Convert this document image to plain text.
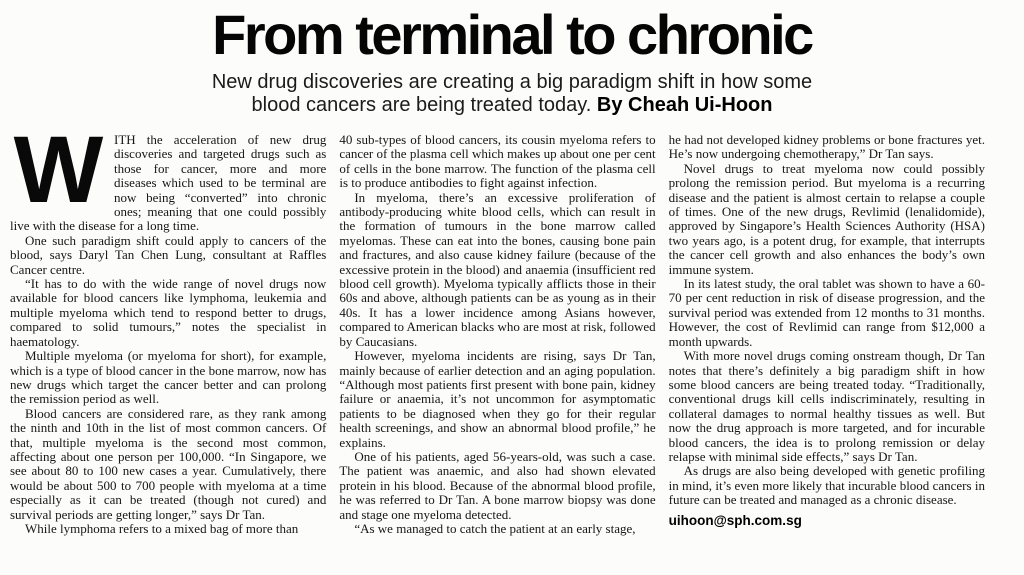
From terminal to chronic

New drug discoveries are creating a big paradigm shift in how some blood cancers are being treated today. By Cheah Ui-Hoon

W ITH the acceleration of new drug discoveries and targeted drugs such as those for cancer, more and more diseases which used to be terminal are now being “converted” into chronic ones; meaning that one could possibly live with the disease for a long time.

One such paradigm shift could apply to cancers of the blood, says Daryl Tan Chen Lung, consultant at Raffles Cancer centre.

“It has to do with the wide range of novel drugs now available for blood cancers like lymphoma, leukemia and multiple myeloma which tend to respond better to drugs, compared to solid tumours,” notes the specialist in haematology.

Multiple myeloma (or myeloma for short), for example, which is a type of blood cancer in the bone marrow, now has new drugs which target the cancer better and can prolong the remission period as well.

Blood cancers are considered rare, as they rank among the ninth and 10th in the list of most common cancers. Of that, multiple myeloma is the second most common, affecting about one person per 100,000. “In Singapore, we see about 80 to 100 new cases a year. Cumulatively, there would be about 500 to 700 people with myeloma at a time especially as it can be treated (though not cured) and survival periods are getting longer,” says Dr Tan.

While lymphoma refers to a mixed bag of more than

40 sub-types of blood cancers, its cousin myeloma refers to cancer of the plasma cell which makes up about one per cent of cells in the bone marrow. The function of the plasma cell is to produce antibodies to fight against infection.

In myeloma, there’s an excessive proliferation of antibody-producing white blood cells, which can result in the formation of tumours in the bone marrow called myelomas. These can eat into the bones, causing bone pain and fractures, and also cause kidney failure (because of the excessive protein in the blood) and anaemia (insufficient red blood cell growth). Myeloma typically afflicts those in their 60s and above, although patients can be as young as in their 40s. It has a lower incidence among Asians however, compared to American blacks who are most at risk, followed by Caucasians.

However, myeloma incidents are rising, says Dr Tan, mainly because of earlier detection and an aging population. “Although most patients first present with bone pain, kidney failure or anaemia, it’s not uncommon for asymptomatic patients to be diagnosed when they go for their regular health screenings, and show an abnormal blood profile,” he explains.

One of his patients, aged 56-years-old, was such a case. The patient was anaemic, and also had shown elevated protein in his blood. Because of the abnormal blood profile, he was referred to Dr Tan. A bone marrow biopsy was done and stage one myeloma detected.

“As we managed to catch the patient at an early stage,

he had not developed kidney problems or bone fractures yet. He’s now undergoing chemotherapy,” Dr Tan says.

Novel drugs to treat myeloma now could possibly prolong the remission period. But myeloma is a recurring disease and the patient is almost certain to relapse a couple of times. One of the new drugs, Revlimid (lenalidomide), approved by Singapore’s Health Sciences Authority (HSA) two years ago, is a potent drug, for example, that interrupts the cancer cell growth and also enhances the body’s own immune system.

In its latest study, the oral tablet was shown to have a 60-70 per cent reduction in risk of disease progression, and the survival period was extended from 12 months to 31 months. However, the cost of Revlimid can range from $12,000 a month upwards.

With more novel drugs coming onstream though, Dr Tan notes that there’s definitely a big paradigm shift in how some blood cancers are being treated today. “Traditionally, conventional drugs kill cells indiscriminately, resulting in collateral damages to normal healthy tissues as well. But now the drug approach is more targeted, and for incurable blood cancers, the idea is to prolong remission or delay relapse with minimal side effects,” says Dr Tan.

As drugs are also being developed with genetic profiling in mind, it’s even more likely that incurable blood cancers in future can be treated and managed as a chronic disease.

uihoon@sph.com.sg
